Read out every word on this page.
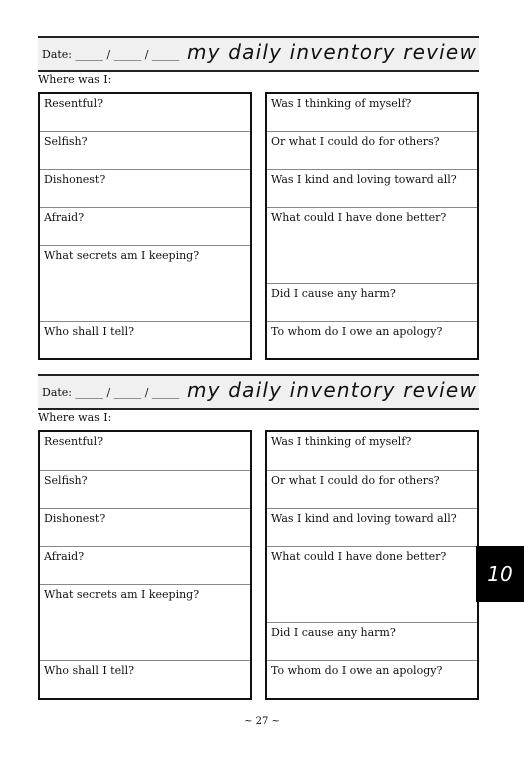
Date: _____ / _____ / _____ my daily inventory review
Where was I:
Resentful?
Selfish?
Dishonest?
Afraid?
What secrets am I keeping?
Who shall I tell?
Was I thinking of myself?
Or what I could do for others?
Was I kind and loving toward all?
What could I have done better?
Did I cause any harm?
To whom do I owe an apology?
Date: _____ / _____ / _____ my daily inventory review
Where was I:
Resentful?
Selfish?
Dishonest?
Afraid?
What secrets am I keeping?
Who shall I tell?
Was I thinking of myself?
Or what I could do for others?
Was I kind and loving toward all?
What could I have done better?
Did I cause any harm?
To whom do I owe an apology?
10
~ 27 ~
